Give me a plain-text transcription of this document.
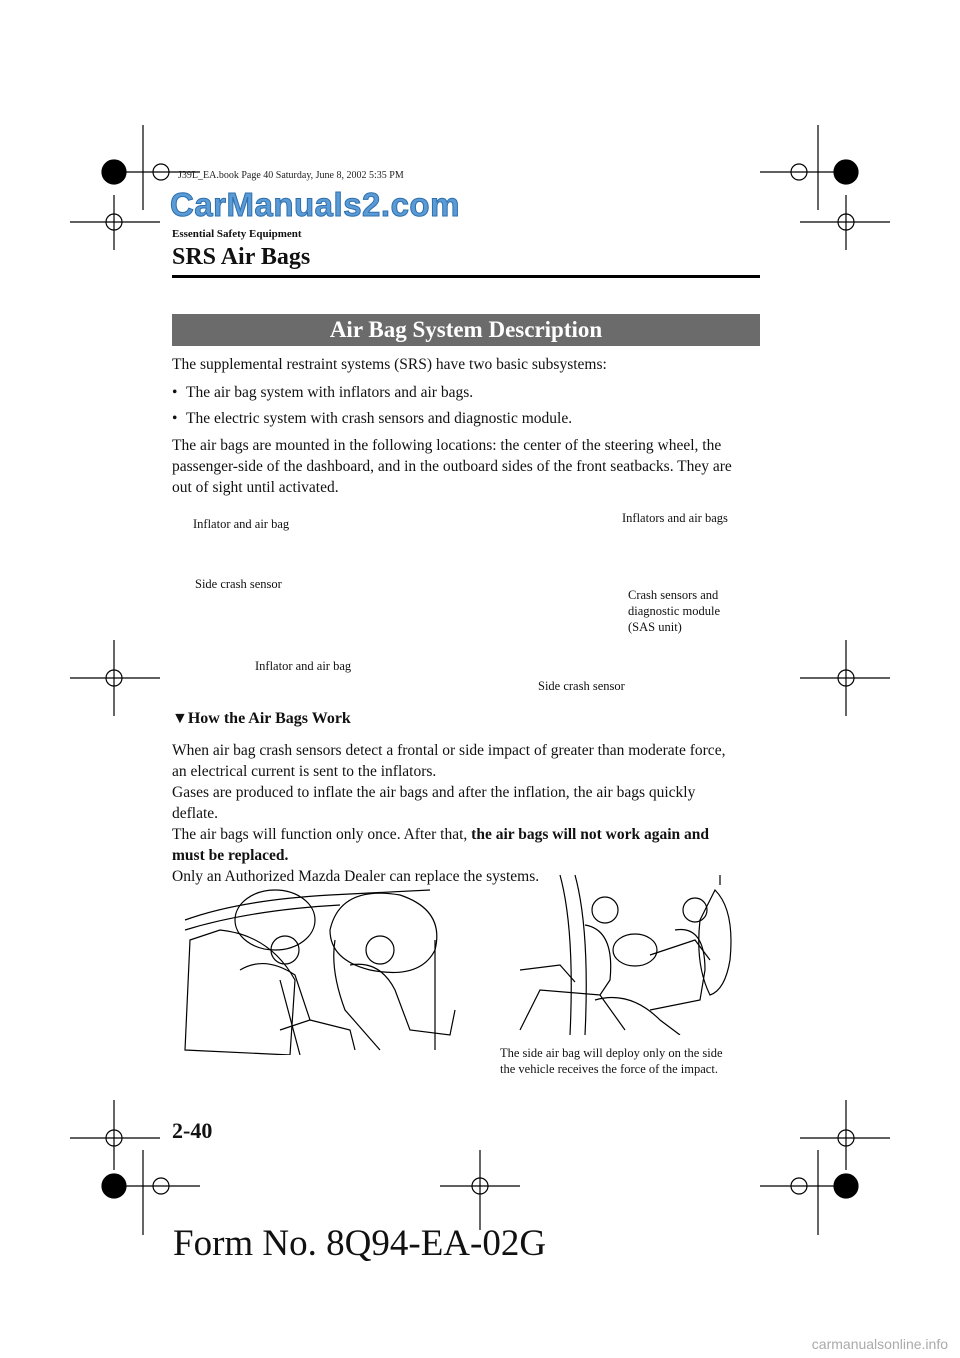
J39L_EA.book Page 40 Saturday, June 8, 2002 5:35 PM
CarManuals2.com
Essential Safety Equipment
SRS Air Bags
Air Bag System Description
The supplemental restraint systems (SRS) have two basic subsystems:
• The air bag system with inflators and air bags.
• The electric system with crash sensors and diagnostic module.
The air bags are mounted in the following locations: the center of the steering wheel, the
passenger-side of the dashboard, and in the outboard sides of the front seatbacks. They are
out of sight until activated.
Inflator and air bag	Inflators and air bags
Side crash sensor
Crash sensors and
diagnostic module
(SAS unit)
Inflator and air bag
Side crash sensor
▼How the Air Bags Work
When air bag crash sensors detect a frontal or side impact of greater than moderate force,
an electrical current is sent to the inflators.
Gases are produced to inflate the air bags and after the inflation, the air bags quickly
deflate.
The air bags will function only once. After that, the air bags will not work again and
must be replaced.
Only an Authorized Mazda Dealer can replace the systems.
The side air bag will deploy only on the side
the vehicle receives the force of the impact.
2-40
Form No. 8Q94-EA-02G
carmanualsonline.info
